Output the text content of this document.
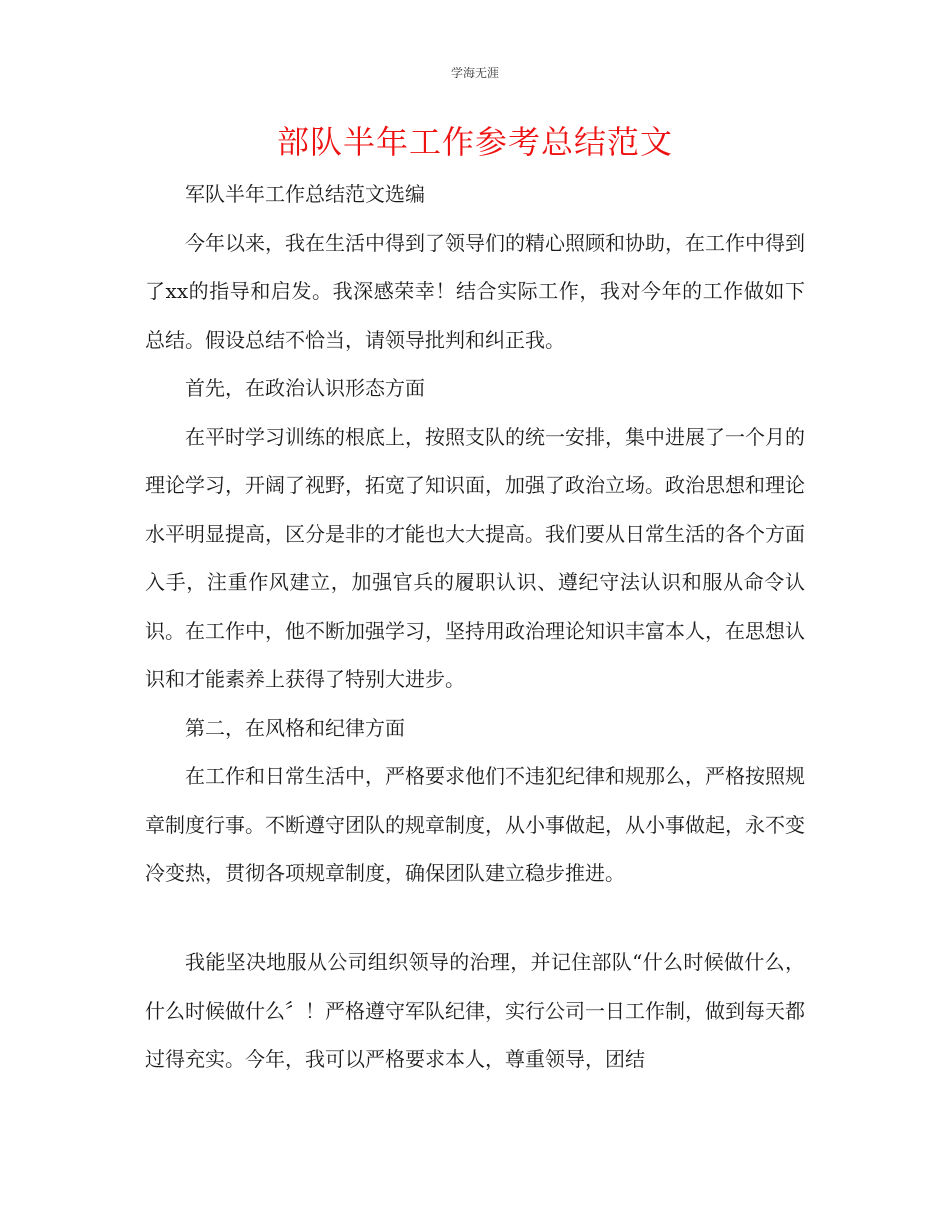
学海无涯
部队半年工作参考总结范文

军队半年工作总结范文选编

今年以来，我在生活中得到了领导们的精心照顾和协助，在工作中得到了xx的指导和启发。我深感荣幸！结合实际工作，我对今年的工作做如下总结。假设总结不恰当，请领导批判和纠正我。

首先，在政治认识形态方面

在平时学习训练的根底上，按照支队的统一安排，集中进展了一个月的理论学习，开阔了视野，拓宽了知识面，加强了政治立场。政治思想和理论水平明显提高，区分是非的才能也大大提高。我们要从日常生活的各个方面入手，注重作风建立，加强官兵的履职认识、遵纪守法认识和服从命令认识。在工作中，他不断加强学习，坚持用政治理论知识丰富本人，在思想认识和才能素养上获得了特别大进步。

第二，在风格和纪律方面

在工作和日常生活中，严格要求他们不违犯纪律和规那么，严格按照规章制度行事。不断遵守团队的规章制度，从小事做起，从小事做起，永不变冷变热，贯彻各项规章制度，确保团队建立稳步推进。

我能坚决地服从公司组织领导的治理，并记住部队“什么时候做什么，什么时候做什么〞！严格遵守军队纪律，实行公司一日工作制，做到每天都过得充实。今年，我可以严格要求本人，尊重领导，团结
